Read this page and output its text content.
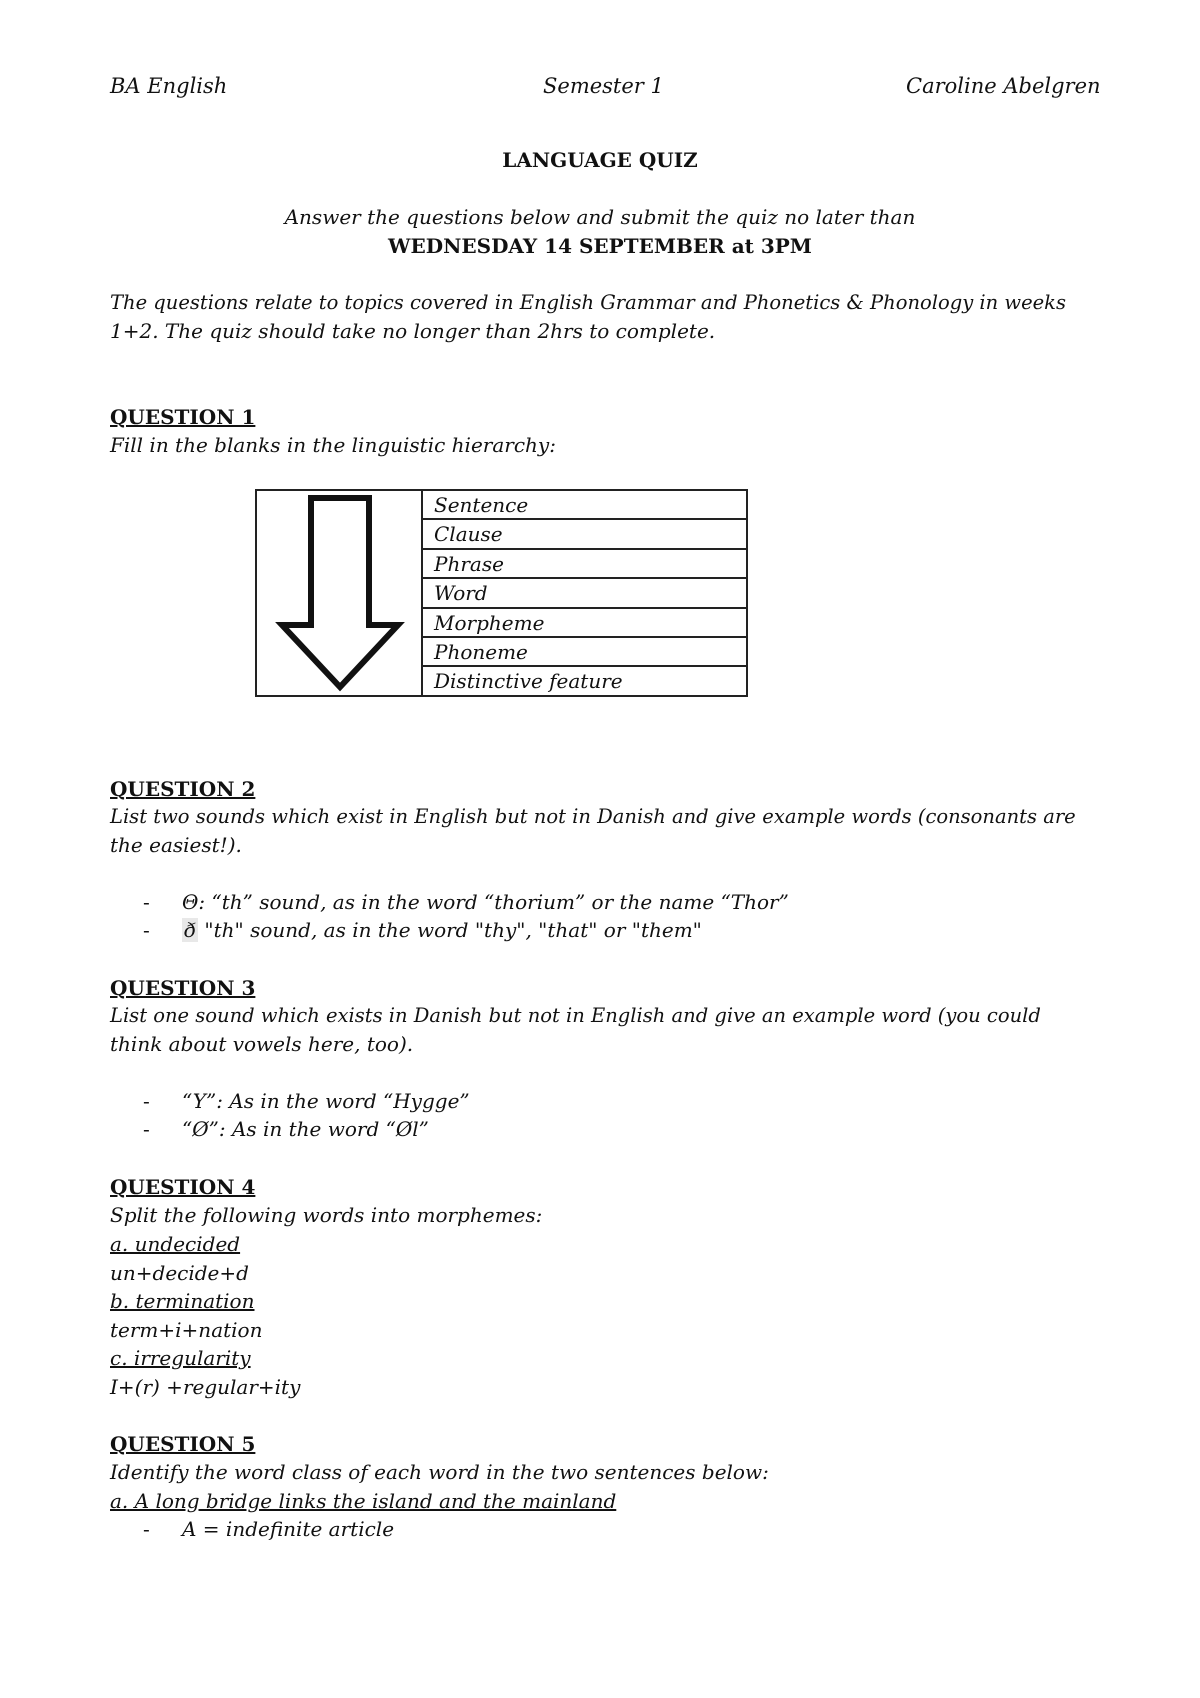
BA English	Semester 1	Caroline Abelgren
LANGUAGE QUIZ
Answer the questions below and submit the quiz no later than
WEDNESDAY 14 SEPTEMBER at 3PM
The questions relate to topics covered in English Grammar and Phonetics & Phonology in weeks
1+2. The quiz should take no longer than 2hrs to complete.
QUESTION 1
Fill in the blanks in the linguistic hierarchy:
Sentence
Clause
Phrase
Word
Morpheme
Phoneme
Distinctive feature
QUESTION 2
List two sounds which exist in English but not in Danish and give example words (consonants are
the easiest!).
- Θ: “th” sound, as in the word “thorium” or the name “Thor”
- ð "th" sound, as in the word "thy", "that" or "them"
QUESTION 3
List one sound which exists in Danish but not in English and give an example word (you could
think about vowels here, too).
- “Y”: As in the word “Hygge”
- “Ø”: As in the word “Øl”
QUESTION 4
Split the following words into morphemes:
a. undecided
un+decide+d
b. termination
term+i+nation
c. irregularity
I+(r) +regular+ity
QUESTION 5
Identify the word class of each word in the two sentences below:
a. A long bridge links the island and the mainland
- A = indefinite article
